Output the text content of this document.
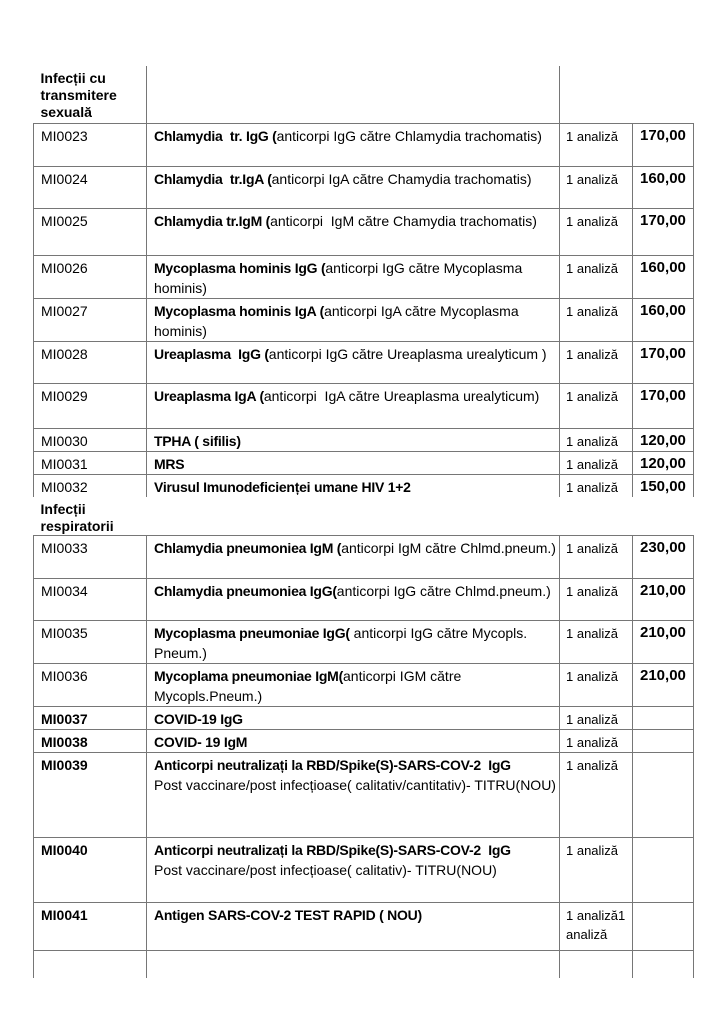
Infecții cu transmitere sexuală			
MI0023	Chlamydia  tr. IgG (anticorpi IgG către Chlamydia trachomatis)	1 analiză	170,00
MI0024	Chlamydia  tr.IgA (anticorpi IgA către Chamydia trachomatis)	1 analiză	160,00
MI0025	Chlamydia tr.IgM (anticorpi  IgM către Chamydia trachomatis)	1 analiză	170,00
MI0026	Mycoplasma hominis IgG (anticorpi IgG către Mycoplasma hominis)	1 analiză	160,00
MI0027	Mycoplasma hominis IgA (anticorpi IgA către Mycoplasma hominis)	1 analiză	160,00
MI0028	Ureaplasma  IgG (anticorpi IgG către Ureaplasma urealyticum )	1 analiză	170,00
MI0029	Ureaplasma IgA (anticorpi  IgA către Ureaplasma urealyticum)	1 analiză	170,00
MI0030	TPHA ( sifilis)	1 analiză	120,00
MI0031	MRS	1 analiză	120,00
MI0032	Virusul Imunodeficienței umane HIV 1+2	1 analiză	150,00
Infecții respiratorii			
MI0033	Chlamydia pneumoniea IgM (anticorpi IgM către Chlmd.pneum.)	1 analiză	230,00
MI0034	Chlamydia pneumoniea IgG(anticorpi IgG către Chlmd.pneum.)	1 analiză	210,00
MI0035	Mycoplasma pneumoniae IgG( anticorpi IgG către Mycopls. Pneum.)	1 analiză	210,00
MI0036	Mycoplama pneumoniae IgM(anticorpi IGM către Mycopls.Pneum.)	1 analiză	210,00
MI0037	COVID-19 IgG	1 analiză	
MI0038	COVID- 19 IgM	1 analiză	
MI0039	Anticorpi neutralizați la RBD/Spike(S)-SARS-COV-2  IgG
Post vaccinare/post infecțioase( calitativ/cantitativ)- TITRU(NOU)	1 analiză	
MI0040	Anticorpi neutralizați la RBD/Spike(S)-SARS-COV-2  IgG
Post vaccinare/post infecțioase( calitativ)- TITRU(NOU)	1 analiză	
MI0041	Antigen SARS-COV-2 TEST RAPID ( NOU)	1 analiză1
analiză	
